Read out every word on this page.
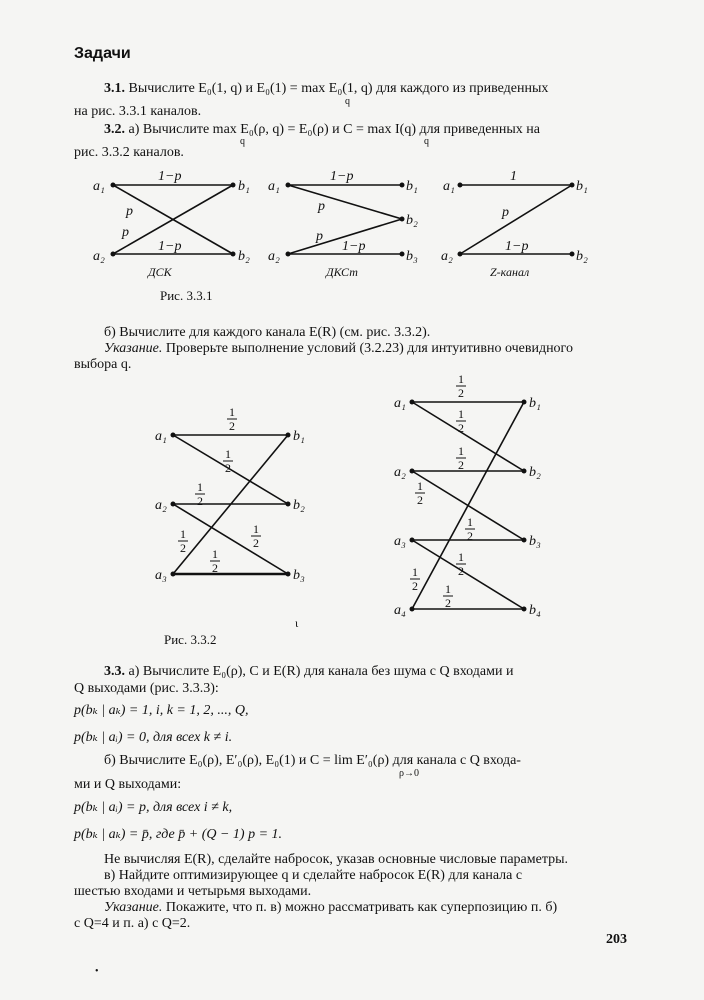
Задачи
3.1. Вычислите E₀(1, q) и E₀(1) = max E₀(1, q) для каждого из приведенных
q
на рис. 3.3.1 каналов.
3.2. а) Вычислите max E₀(ρ, q) = E₀(ρ) и C = max I(q) для приведенных на
q	q
рис. 3.3.2 каналов.
a₁
a₂
b₁
b₂
1−p
1−p
p
p
ДСК
a₁
a₂
b₁
b₂
b₃
1−p
1−p
p
p
ДКСт
a₁
a₂
b₁
b₂
1
p
1−p
Z-канал
Рис. 3.3.1
б) Вычислите для каждого канала E(R) (см. рис. 3.3.2).
Указание. Проверьте выполнение условий (3.2.23) для интуитивно очевидного
выбора q.
a₁
a₂
a₃
b₁
b₂
b₃
a₁
a₂
a₃
a₄
b₁
b₂
b₃
b₄
1
2
1
2
1
2
1
2 1
2
1
2
1
2
1
2
1
2
1
2
1
2
1
2
1
2 1
2
ι
Рис. 3.3.2
3.3. а) Вычислите E₀(ρ), C и E(R) для канала без шума с Q входами и
Q выходами (рис. 3.3.3):
p(bₖ | aₖ) = 1, i, k = 1, 2, ..., Q,
p(bₖ | aᵢ) = 0, для всех k ≠ i.
б) Вычислите E₀(ρ), E′₀(ρ), E₀(1) и C = lim E′₀(ρ) для канала с Q входа-
ρ→0
ми и Q выходами:
p(bₖ | aᵢ) = p, для всех i ≠ k,
p(bₖ | aₖ) = p̄, где p̄ + (Q − 1) p = 1.
Не вычисляя E(R), сделайте набросок, указав основные числовые параметры.
в) Найдите оптимизирующее q и сделайте набросок E(R) для канала с
шестью входами и четырьмя выходами.
Указание. Покажите, что п. в) можно рассматривать как суперпозицию п. б)
с Q=4 и п. а) с Q=2.
203
•
